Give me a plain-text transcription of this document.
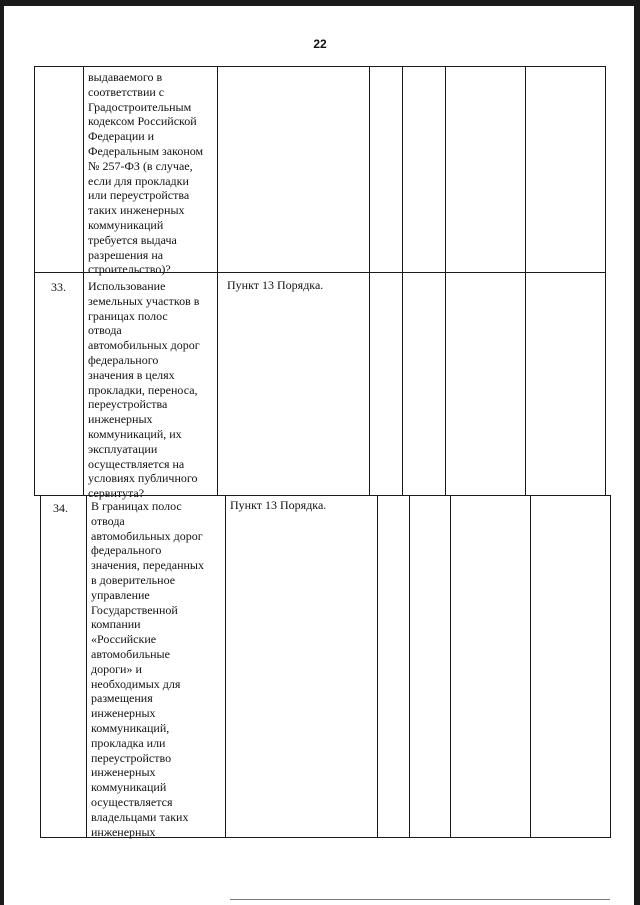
22

выдаваемого в
соответствии с
Градостроительным
кодексом Российской
Федерации и
Федеральным законом
№ 257-ФЗ (в случае,
если для прокладки
или переустройства
таких инженерных
коммуникаций
требуется выдача
разрешения на
строительство)?

33. Использование
земельных участков в
границах полос
отвода
автомобильных дорог
федерального
значения в целях
прокладки, переноса,
переустройства
инженерных
коммуникаций, их
эксплуатации
осуществляется на
условиях публичного
сервитута?

Пункт 13 Порядка.

34. В границах полос
отвода
автомобильных дорог
федерального
значения, переданных
в доверительное
управление
Государственной
компании
«Российские
автомобильные
дороги» и
необходимых для
размещения
инженерных
коммуникаций,
прокладка или
переустройство
инженерных
коммуникаций
осуществляется
владельцами таких
инженерных

Пункт 13 Порядка.
